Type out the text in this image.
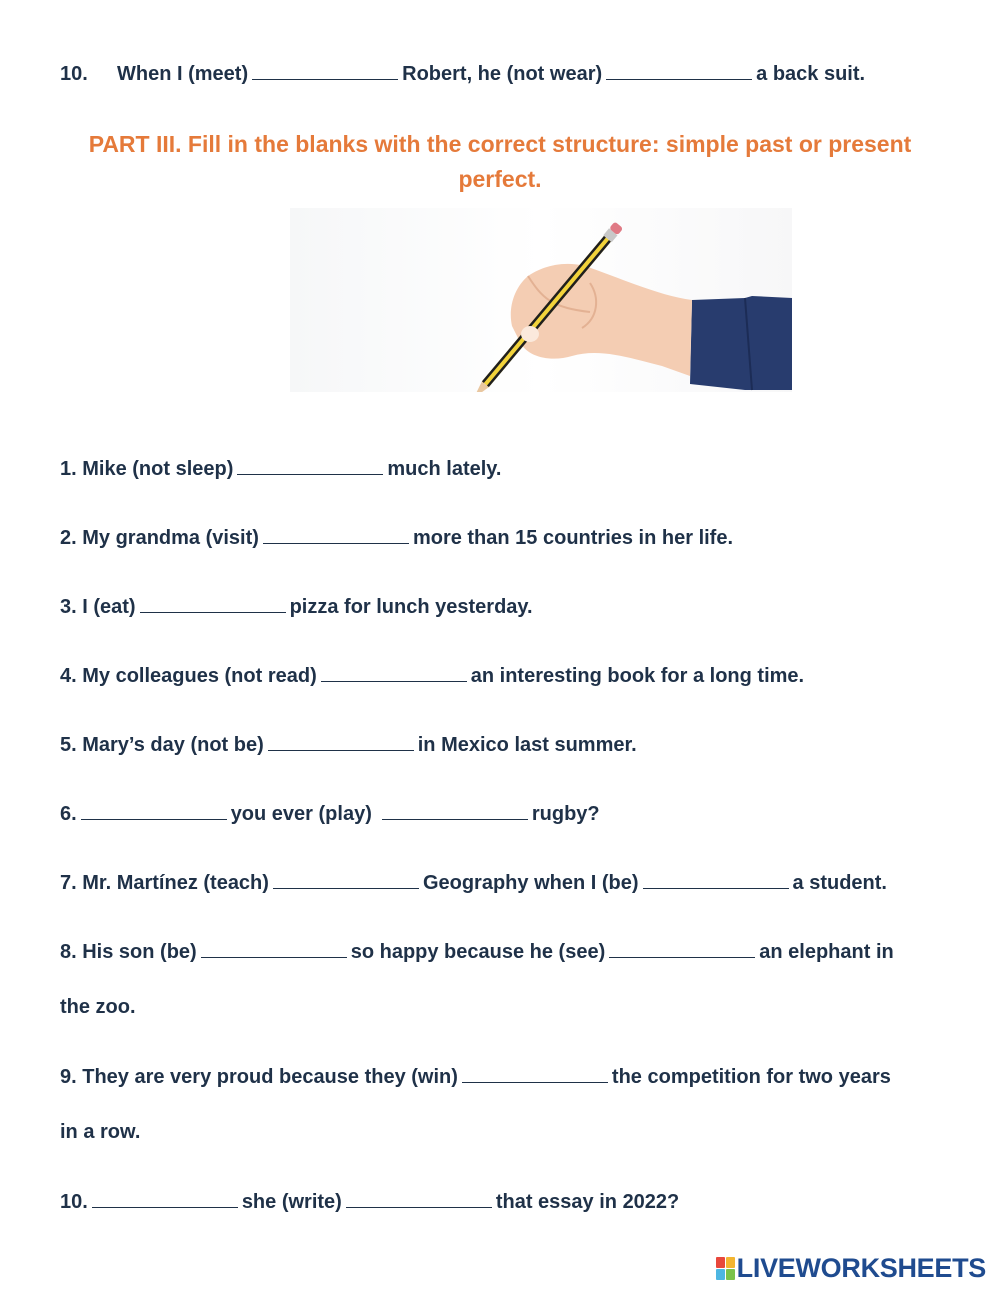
10. When I (meet)	Robert, he (not wear)	a back suit.

PART III. Fill in the blanks with the correct structure: simple past or present
perfect.

1. Mike (not sleep)	much lately.

2. My grandma (visit)	more than 15 countries in her life.

3. I (eat)	pizza for lunch yesterday.

4. My colleagues (not read)	an interesting book for a long time.

5. Mary’s day (not be)	in Mexico last summer.

6.	you ever (play)	rugby?

7. Mr. Martínez (teach)	Geography when I (be)	a student.

8. His son (be)	so happy because he (see)	an elephant in

the zoo.

9. They are very proud because they (win)	the competition for two years

in a row.

10.	she (write)	that essay in 2022?

LIVEWORKSHEETS
